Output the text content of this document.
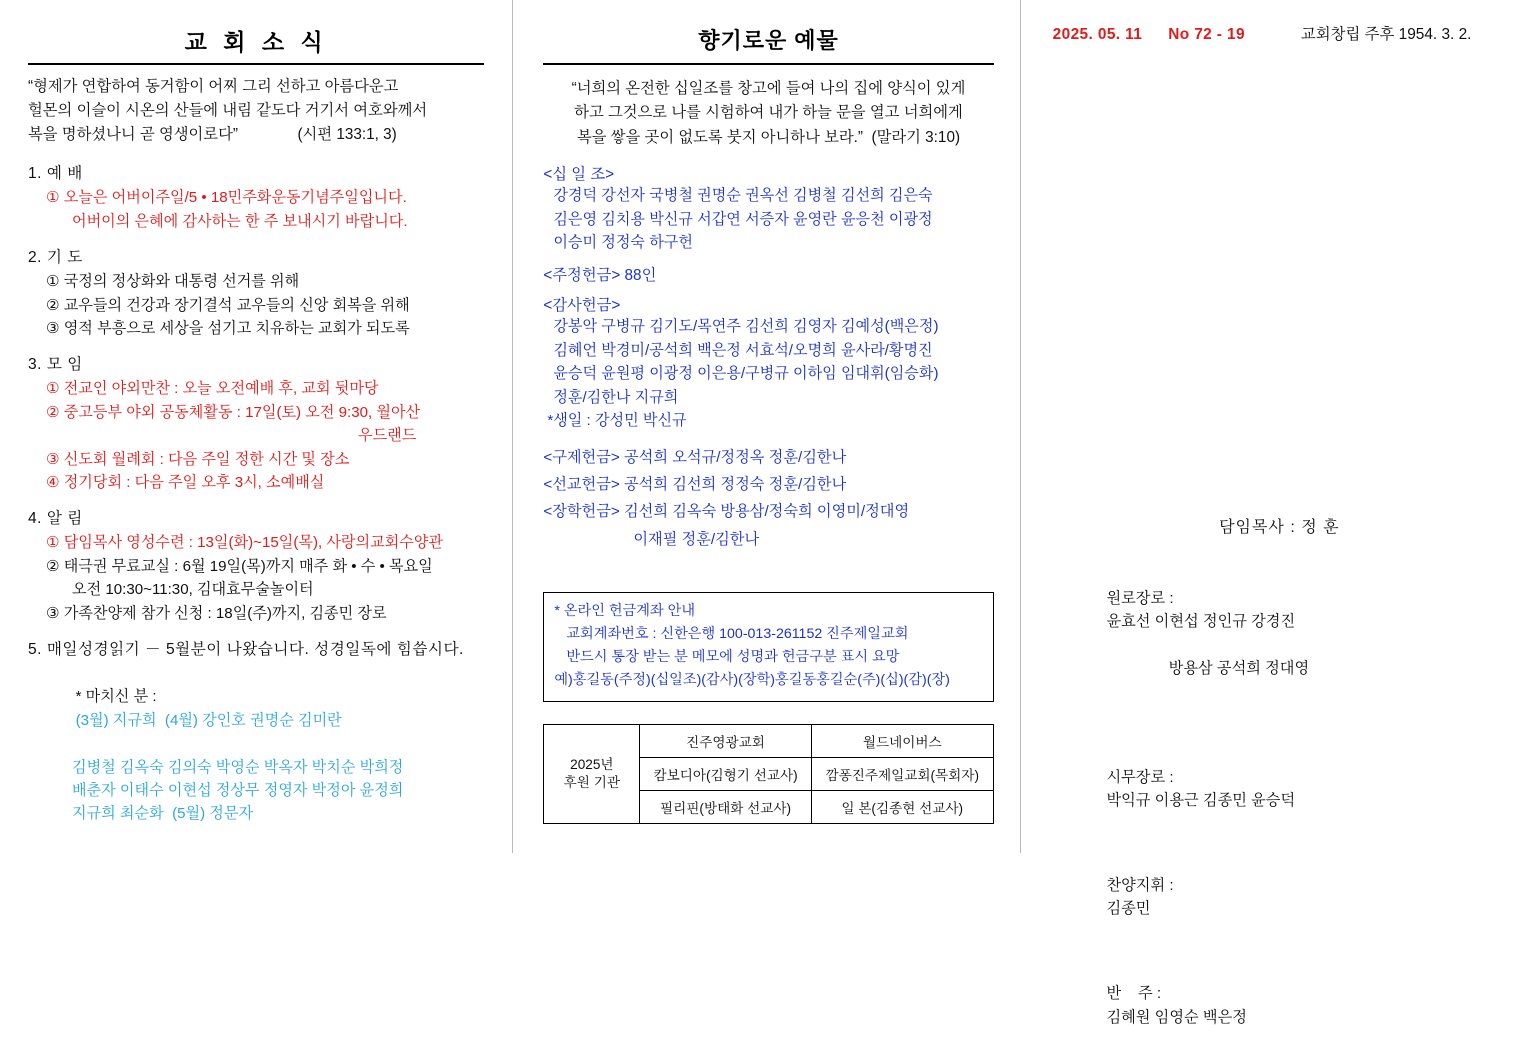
교 회 소 식
“형제가 연합하여 동거함이 어찌 그리 선하고 아름다운고
헐몬의 이슬이 시온의 산들에 내림 같도다 거기서 여호와께서
복을 명하셨나니 곧 영생이로다”              (시편 133:1, 3)
1. 예 배
① 오늘은 어버이주일/5 • 18민주화운동기념주일입니다.
어버이의 은혜에 감사하는 한 주 보내시기 바랍니다.
2. 기 도
① 국정의 정상화와 대통령 선거를 위해
② 교우들의 건강과 장기결석 교우들의 신앙 회복을 위해
③ 영적 부흥으로 세상을 섬기고 치유하는 교회가 되도록
3. 모 임
① 전교인 야외만찬 : 오늘 오전예배 후, 교회 뒷마당
② 중고등부 야외 공동체활동 : 17일(토) 오전 9:30, 월아산
우드랜드
③ 신도회 월례회 : 다음 주일 정한 시간 및 장소
④ 정기당회 : 다음 주일 오후 3시, 소예배실
4. 알 림
① 담임목사 영성수련 : 13일(화)~15일(목), 사랑의교회수양관
② 태극권 무료교실 : 6월 19일(목)까지 매주 화 • 수 • 목요일
오전 10:30~11:30, 김대효무술놀이터
③ 가족찬양제 참가 신청 : 18일(주)까지, 김종민 장로
5. 매일성경읽기 － 5월분이 나왔습니다. 성경일독에 힘씁시다.

* 마치신 분 :
(3월) 지규희  (4월) 강인호 권명순 김미란

김병철 김옥숙 김의숙 박영순 박옥자 박치순 박희정
배춘자 이태수 이현섭 정상무 정영자 박정아 윤정희
지규희 최순화  (5월) 정문자
향기로운 예물
“너희의 온전한 십일조를 창고에 들여 나의 집에 양식이 있게
하고 그것으로 나를 시험하여 내가 하늘 문을 열고 너희에게
복을 쌓을 곳이 없도록 붓지 아니하나 보라.”  (말라기 3:10)
<십 일 조>
강경덕 강선자 국병철 권명순 권옥선 김병철 김선희 김은숙
김은영 김치용 박신규 서갑연 서증자 윤영란 윤응천 이광정
이승미 정정숙 하구헌
<주정헌금> 88인
<감사헌금>
강봉악 구병규 김기도/목연주 김선희 김영자 김예성(백은정)
김혜언 박경미/공석희 백은정 서효석/오명희 윤사라/황명진
윤승덕 윤원평 이광정 이은용/구병규 이하임 임대휘(임승화)
정훈/김한나 지규희
*생일 : 강성민 박신규
<구제헌금> 공석희 오석규/정정옥 정훈/김한나
<선교헌금> 공석희 김선희 정정숙 정훈/김한나
<장학헌금> 김선희 김옥숙 방용삼/정숙희 이영미/정대영
이재필 정훈/김한나
* 온라인 헌금계좌 안내
교회계좌번호 : 신한은행 100-013-261152 진주제일교회
반드시 통장 받는 분 메모에 성명과 헌금구분 표시 요망
예)홍길동(주정)(십일조)(감사)(장학)홍길동홍길순(주)(십)(감)(장)
2025년
후원 기관	진주영광교회	월드네이버스
	캄보디아(김형기 선교사)	깜퐁진주제일교회(목회자)
	필리핀(방태화 선교사)	일 본(김종현 선교사)
2025. 05. 11 No 72 - 19	교회창립 주후 1954. 3. 2.
담임목사 : 정 훈

원로장로 :
윤효선 이현섭 정인규 강경진

방용삼 공석희 정대영

시무장로 :
박익규 이용근 김종민 윤승덕

찬양지휘 :
김종민

반    주 :
김혜원 임영순 백은정
